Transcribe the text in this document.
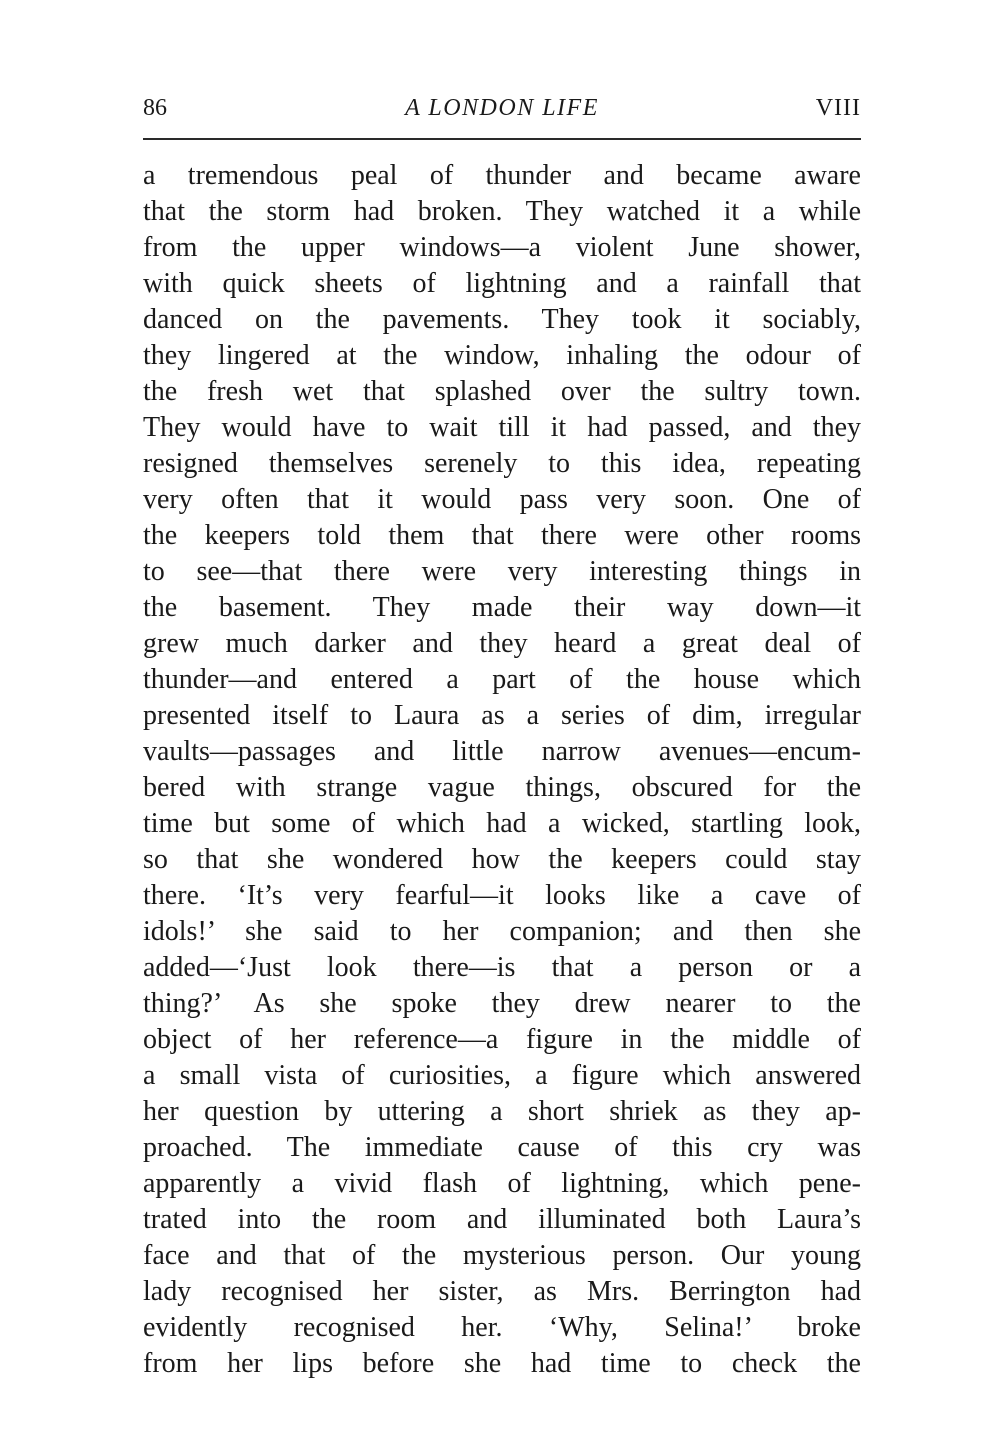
86	A LONDON LIFE	VIII
a tremendous peal of thunder and became aware
that the storm had broken. They watched it a while
from the upper windows—a violent June shower,
with quick sheets of lightning and a rainfall that
danced on the pavements. They took it sociably,
they lingered at the window, inhaling the odour of
the fresh wet that splashed over the sultry town.
They would have to wait till it had passed, and they
resigned themselves serenely to this idea, repeating
very often that it would pass very soon. One of
the keepers told them that there were other rooms
to see—that there were very interesting things in
the basement. They made their way down—it
grew much darker and they heard a great deal of
thunder—and entered a part of the house which
presented itself to Laura as a series of dim, irregular
vaults—passages and little narrow avenues—encum-
bered with strange vague things, obscured for the
time but some of which had a wicked, startling look,
so that she wondered how the keepers could stay
there. ‘It’s very fearful—it looks like a cave of
idols!’ she said to her companion; and then she
added—‘Just look there—is that a person or a
thing?’ As she spoke they drew nearer to the
object of her reference—a figure in the middle of
a small vista of curiosities, a figure which answered
her question by uttering a short shriek as they ap-
proached. The immediate cause of this cry was
apparently a vivid flash of lightning, which pene-
trated into the room and illuminated both Laura’s
face and that of the mysterious person. Our young
lady recognised her sister, as Mrs. Berrington had
evidently recognised her. ‘Why, Selina!’ broke
from her lips before she had time to check the
